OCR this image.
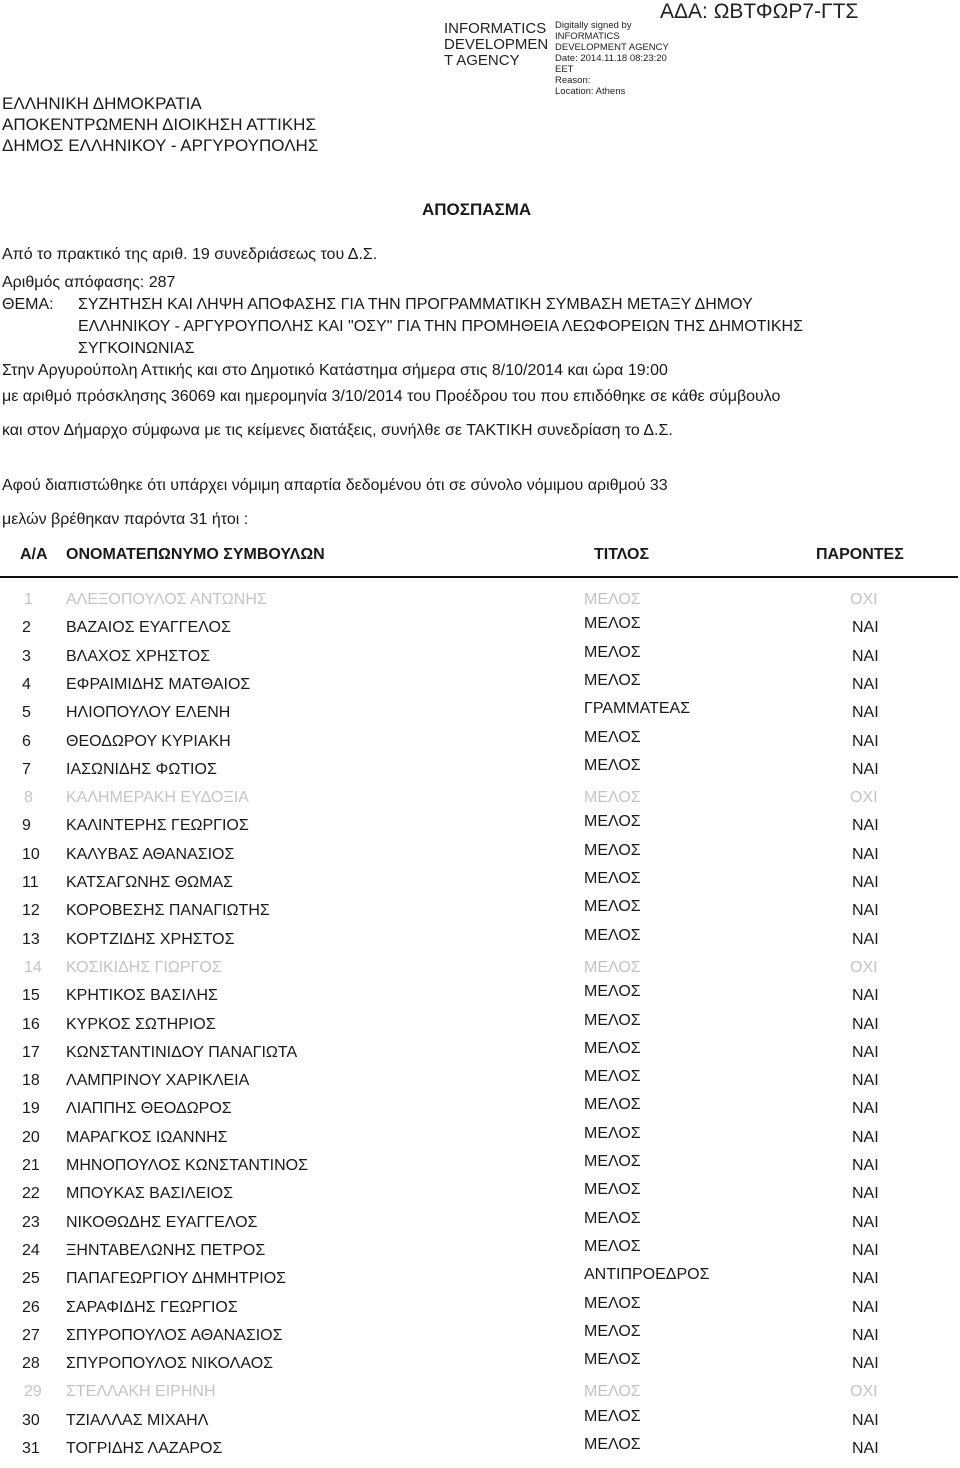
INFORMATICS
DEVELOPMEN
T AGENCY
Digitally signed by
INFORMATICS
DEVELOPMENT AGENCY
Date: 2014.11.18 08:23:20
EET
Reason:
Location: Athens
ΑΔΑ: ΩΒΤΦΩΡ7-ΓΤΣ
ΕΛΛΗΝΙΚΗ ΔΗΜΟΚΡΑΤΙΑ
ΑΠΟΚΕΝΤΡΩΜΕΝΗ ΔΙΟΙΚΗΣΗ ΑΤΤΙΚΗΣ
ΔΗΜΟΣ ΕΛΛΗΝΙΚΟΥ - ΑΡΓΥΡΟΥΠΟΛΗΣ
ΑΠΟΣΠΑΣΜΑ
Από το πρακτικό της αριθ. 19 συνεδριάσεως του Δ.Σ.
Αριθμός απόφασης: 287
ΘΕΜΑ: ΣΥΖΗΤΗΣΗ ΚΑΙ ΛΗΨΗ ΑΠΟΦΑΣΗΣ ΓΙΑ ΤΗΝ ΠΡΟΓΡΑΜΜΑΤΙΚΗ ΣΥΜΒΑΣΗ ΜΕΤΑΞΥ ΔΗΜΟΥ
ΕΛΛΗΝΙΚΟΥ - ΑΡΓΥΡΟΥΠΟΛΗΣ ΚΑΙ "ΟΣΥ" ΓΙΑ ΤΗΝ ΠΡΟΜΗΘΕΙΑ ΛΕΩΦΟΡΕΙΩΝ ΤΗΣ ΔΗΜΟΤΙΚΗΣ
ΣΥΓΚΟΙΝΩΝΙΑΣ
Στην Αργυρούπολη Αττικής και στο Δημοτικό Κατάστημα σήμερα στις 8/10/2014 και ώρα 19:00
με αριθμό πρόσκλησης 36069 και ημερομηνία 3/10/2014 του Προέδρου του που επιδόθηκε σε κάθε σύμβουλο
και στον Δήμαρχο σύμφωνα με τις κείμενες διατάξεις, συνήλθε σε ΤΑΚΤΙΚΗ συνεδρίαση το Δ.Σ.
Αφού διαπιστώθηκε ότι υπάρχει νόμιμη απαρτία δεδομένου ότι σε σύνολο νόμιμου αριθμού 33
μελών βρέθηκαν παρόντα 31 ήτοι :
Α/Α ΟΝΟΜΑΤΕΠΩΝΥΜΟ ΣΥΜΒΟΥΛΩΝ	ΤΙΤΛΟΣ	ΠΑΡΟΝΤΕΣ
1 ΑΛΕΞΟΠΟΥΛΟΣ ΑΝΤΩΝΗΣ	ΜΕΛΟΣ	ΟΧΙ
2 ΒΑΖΑΙΟΣ ΕΥΑΓΓΕΛΟΣ	ΜΕΛΟΣ	ΝΑΙ
3 ΒΛΑΧΟΣ ΧΡΗΣΤΟΣ	ΜΕΛΟΣ	ΝΑΙ
4 ΕΦΡΑΙΜΙΔΗΣ ΜΑΤΘΑΙΟΣ	ΜΕΛΟΣ	ΝΑΙ
5 ΗΛΙΟΠΟΥΛΟΥ ΕΛΕΝΗ	ΓΡΑΜΜΑΤΕΑΣ	ΝΑΙ
6 ΘΕΟΔΩΡΟΥ ΚΥΡΙΑΚΗ	ΜΕΛΟΣ	ΝΑΙ
7 ΙΑΣΩΝΙΔΗΣ ΦΩΤΙΟΣ	ΜΕΛΟΣ	ΝΑΙ
8 ΚΑΛΗΜΕΡΑΚΗ ΕΥΔΟΞΙΑ	ΜΕΛΟΣ	ΟΧΙ
9 ΚΑΛΙΝΤΕΡΗΣ ΓΕΩΡΓΙΟΣ	ΜΕΛΟΣ	ΝΑΙ
10 ΚΑΛΥΒΑΣ ΑΘΑΝΑΣΙΟΣ	ΜΕΛΟΣ	ΝΑΙ
11 ΚΑΤΣΑΓΩΝΗΣ ΘΩΜΑΣ	ΜΕΛΟΣ	ΝΑΙ
12 ΚΟΡΟΒΕΣΗΣ ΠΑΝΑΓΙΩΤΗΣ	ΜΕΛΟΣ	ΝΑΙ
13 ΚΟΡΤΖΙΔΗΣ ΧΡΗΣΤΟΣ	ΜΕΛΟΣ	ΝΑΙ
14 ΚΟΣΙΚΙΔΗΣ ΓΙΩΡΓΟΣ	ΜΕΛΟΣ	ΟΧΙ
15 ΚΡΗΤΙΚΟΣ ΒΑΣΙΛΗΣ	ΜΕΛΟΣ	ΝΑΙ
16 ΚΥΡΚΟΣ ΣΩΤΗΡΙΟΣ	ΜΕΛΟΣ	ΝΑΙ
17 ΚΩΝΣΤΑΝΤΙΝΙΔΟΥ ΠΑΝΑΓΙΩΤΑ	ΜΕΛΟΣ	ΝΑΙ
18 ΛΑΜΠΡΙΝΟΥ ΧΑΡΙΚΛΕΙΑ	ΜΕΛΟΣ	ΝΑΙ
19 ΛΙΑΠΠΗΣ ΘΕΟΔΩΡΟΣ	ΜΕΛΟΣ	ΝΑΙ
20 ΜΑΡΑΓΚΟΣ ΙΩΑΝΝΗΣ	ΜΕΛΟΣ	ΝΑΙ
21 ΜΗΝΟΠΟΥΛΟΣ ΚΩΝΣΤΑΝΤΙΝΟΣ	ΜΕΛΟΣ	ΝΑΙ
22 ΜΠΟΥΚΑΣ ΒΑΣΙΛΕΙΟΣ	ΜΕΛΟΣ	ΝΑΙ
23 ΝΙΚΟΘΩΔΗΣ ΕΥΑΓΓΕΛΟΣ	ΜΕΛΟΣ	ΝΑΙ
24 ΞΗΝΤΑΒΕΛΩΝΗΣ ΠΕΤΡΟΣ	ΜΕΛΟΣ	ΝΑΙ
25 ΠΑΠΑΓΕΩΡΓΙΟΥ ΔΗΜΗΤΡΙΟΣ	ΑΝΤΙΠΡΟΕΔΡΟΣ	ΝΑΙ
26 ΣΑΡΑΦΙΔΗΣ ΓΕΩΡΓΙΟΣ	ΜΕΛΟΣ	ΝΑΙ
27 ΣΠΥΡΟΠΟΥΛΟΣ ΑΘΑΝΑΣΙΟΣ	ΜΕΛΟΣ	ΝΑΙ
28 ΣΠΥΡΟΠΟΥΛΟΣ ΝΙΚΟΛΑΟΣ	ΜΕΛΟΣ	ΝΑΙ
29 ΣΤΕΛΛΑΚΗ ΕΙΡΗΝΗ	ΜΕΛΟΣ	ΟΧΙ
30 ΤΖΙΑΛΛΑΣ ΜΙΧΑΗΛ	ΜΕΛΟΣ	ΝΑΙ
31 ΤΟΓΡΙΔΗΣ ΛΑΖΑΡΟΣ	ΜΕΛΟΣ	ΝΑΙ
